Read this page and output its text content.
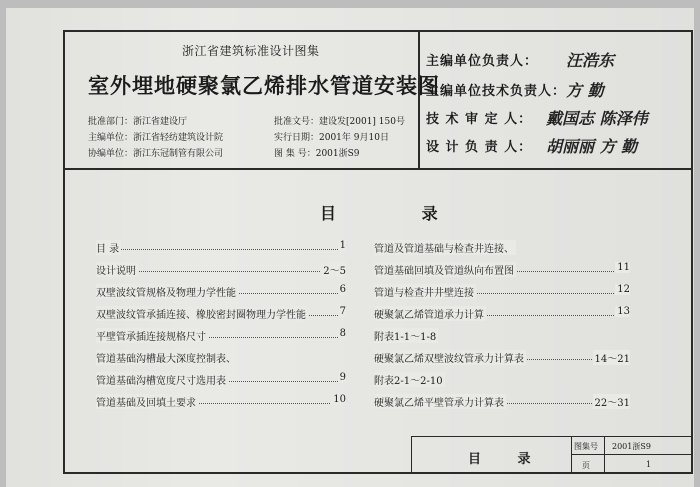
浙江省建筑标准设计图集
室外埋地硬聚氯乙烯排水管道安装图
批准部门：浙江省建设厅	批准文号：建设发[2001] 150号
主编单位：浙江省轻纺建筑设计院	实行日期：2001年 9月10日
协编单位：浙江东冠制管有限公司	图 集 号：2001浙S9
主编单位负责人： 汪浩东
主编单位技术负责人： 方 勤
技 术 审 定 人： 戴国志 陈泽伟
设 计 负 责 人： 胡丽丽 方 勤
目 录
目 录	1
设计说明	2～5
双壁波纹管规格及物理力学性能	6
双壁波纹管承插连接、橡胶密封圈物理力学性能	7
平壁管承插连接规格尺寸	8
管道基础沟槽最大深度控制表、
管道基础沟槽宽度尺寸选用表	9
管道基础及回填土要求	10
管道及管道基础与检查井连接、
管道基础回填及管道纵向布置图	11
管道与检查井井壁连接	12
硬聚氯乙烯管道承力计算	13
附表1-1～1-8
硬聚氯乙烯双壁波纹管承力计算表	14～21
附表2-1～2-10
硬聚氯乙烯平壁管承力计算表	22～31
目 录
图集号 2001浙S9
页	1
